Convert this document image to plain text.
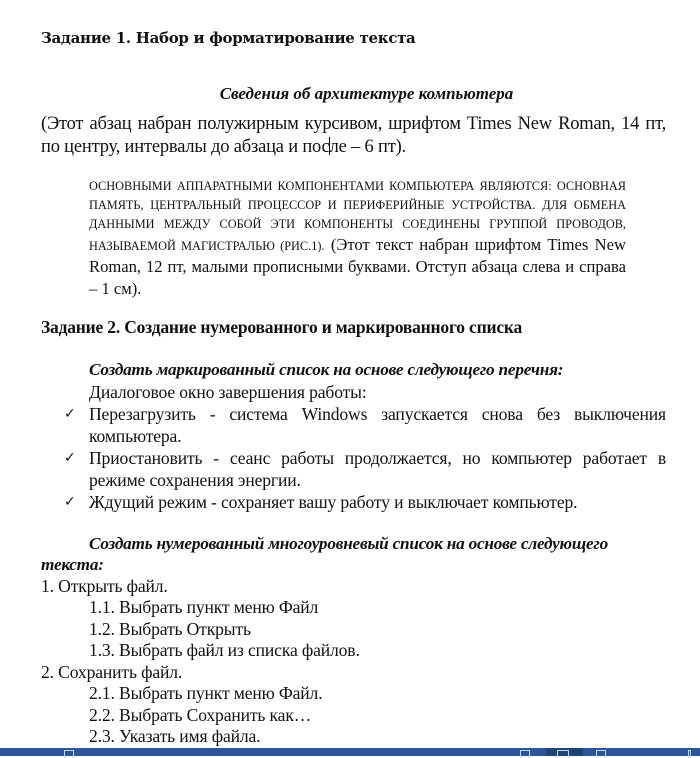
Задание 1. Набор и форматирование текста
Сведения об архитектуре компьютера
(Этот абзац набран полужирным курсивом, шрифтом Times New Roman, 14 пт, по центру, интервалы до абзаца и после – 6 пт).
ОСНОВНЫМИ АППАРАТНЫМИ КОМПОНЕНТАМИ КОМПЬЮТЕРА ЯВЛЯЮТСЯ: ОСНОВНАЯ ПАМЯТЬ, ЦЕНТРАЛЬНЫЙ ПРОЦЕССОР И ПЕРИФЕРИЙНЫЕ УСТРОЙСТВА. ДЛЯ ОБМЕНА ДАННЫМИ МЕЖДУ СОБОЙ ЭТИ КОМПОНЕНТЫ СОЕДИНЕНЫ ГРУППОЙ ПРОВОДОВ, НАЗЫВАЕМОЙ МАГИСТРАЛЬЮ (РИС.1). (Этот текст набран шрифтом Times New Roman, 12 пт, малыми прописными буквами. Отступ абзаца слева и справа – 1 см).
Задание 2. Создание нумерованного и маркированного списка
Создать маркированный список на основе следующего перечня:
Диалоговое окно завершения работы:
✓ Перезагрузить - система Windows запускается снова без выключения компьютера.
✓ Приостановить - сеанс работы продолжается, но компьютер работает в режиме сохранения энергии.
✓ Ждущий режим - сохраняет вашу работу и выключает компьютер.
Создать нумерованный многоуровневый список на основе следующего
текста:
1. Открыть файл.
1.1. Выбрать пункт меню Файл
1.2. Выбрать Открыть
1.3. Выбрать файл из списка файлов.
2. Сохранить файл.
2.1. Выбрать пункт меню Файл.
2.2. Выбрать Сохранить как…
2.3. Указать имя файла.
